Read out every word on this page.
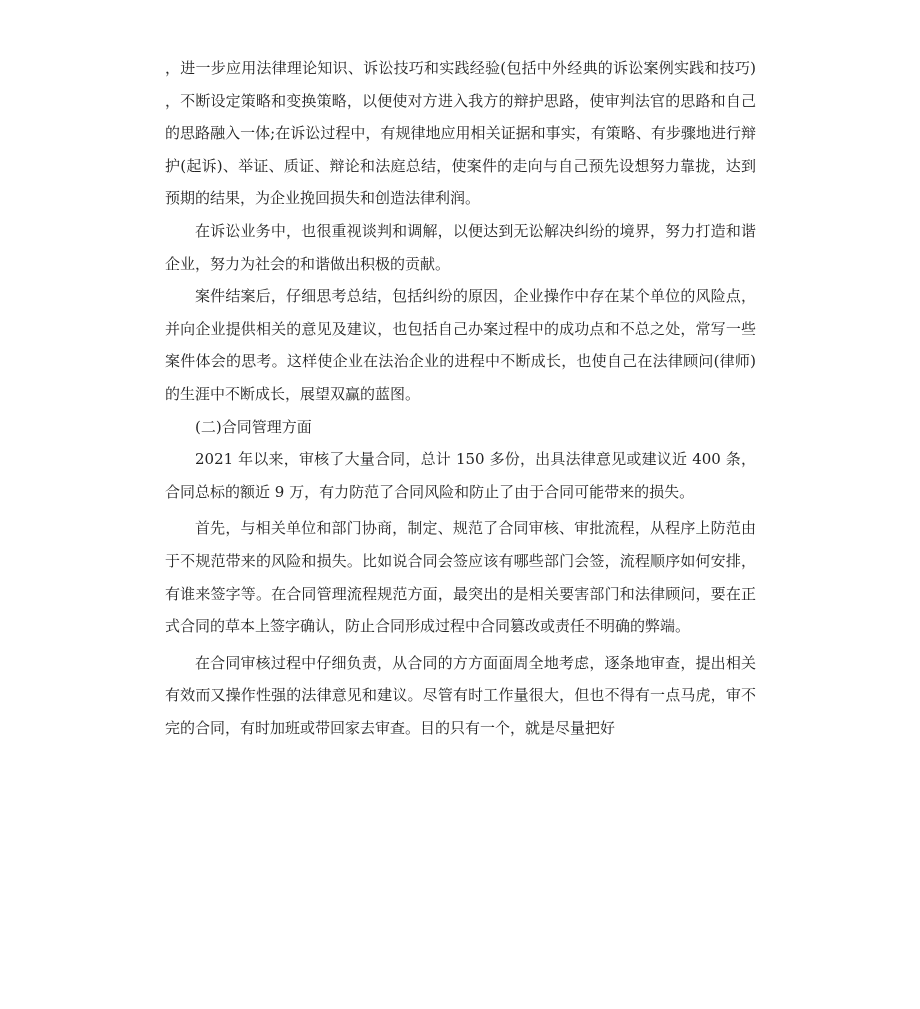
，进一步应用法律理论知识、诉讼技巧和实践经验(包括中外经典的诉讼案例实践和技巧)，不断设定策略和变换策略，以便使对方进入我方的辩护思路，使审判法官的思路和自己的思路融入一体;在诉讼过程中，有规律地应用相关证据和事实，有策略、有步骤地进行辩护(起诉)、举证、质证、辩论和法庭总结，使案件的走向与自己预先设想努力靠拢，达到预期的结果，为企业挽回损失和创造法律利润。

在诉讼业务中，也很重视谈判和调解，以便达到无讼解决纠纷的境界，努力打造和谐企业，努力为社会的和谐做出积极的贡献。

案件结案后，仔细思考总结，包括纠纷的原因，企业操作中存在某个单位的风险点，并向企业提供相关的意见及建议，也包括自己办案过程中的成功点和不总之处，常写一些案件体会的思考。这样使企业在法治企业的进程中不断成长，也使自己在法律顾问(律师)的生涯中不断成长，展望双赢的蓝图。

(二)合同管理方面

2021 年以来，审核了大量合同，总计 150 多份，出具法律意见或建议近 400 条，合同总标的额近 9 万，有力防范了合同风险和防止了由于合同可能带来的损失。

首先，与相关单位和部门协商，制定、规范了合同审核、审批流程，从程序上防范由于不规范带来的风险和损失。比如说合同会签应该有哪些部门会签，流程顺序如何安排，有谁来签字等。在合同管理流程规范方面，最突出的是相关要害部门和法律顾问，要在正式合同的草本上签字确认，防止合同形成过程中合同篡改或责任不明确的弊端。

在合同审核过程中仔细负责，从合同的方方面面周全地考虑，逐条地审查，提出相关有效而又操作性强的法律意见和建议。尽管有时工作量很大，但也不得有一点马虎，审不完的合同，有时加班或带回家去审查。目的只有一个，就是尽量把好
